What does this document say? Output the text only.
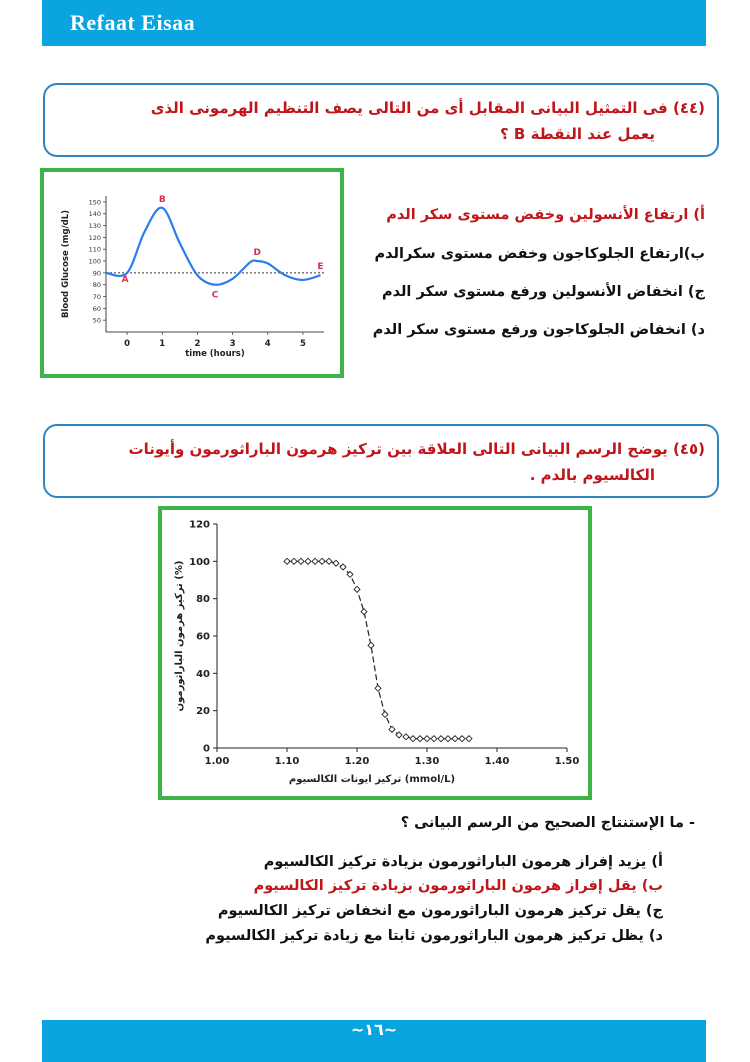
Refaat Eisaa
(٤٤) فى التمثيل البيانى المقابل أى من التالى يصف التنظيم الهرمونى الذى
يعمل عند النقطة B ؟
150
140
130
120
110
100
90
80
70
60
50
0	1	2	3	4	5
time (hours)
Blood Glucose (mg/dL)	A
B
C
D
E
أ) ارتفاع الأنسولين وخفض مستوى سكر الدم
ب)ارتفاع الجلوكاجون وخفض مستوى سكرالدم
ج) انخفاض الأنسولين ورفع مستوى سكر الدم
د) انخفاض الجلوكاجون ورفع مستوى سكر الدم
(٤٥) يوضح الرسم البيانى التالى العلاقة بين تركيز هرمون الباراثورمون وأيونات
الكالسيوم بالدم .
0
20
40
60
80
100
120
1.00	1.10	1.20	1.30	1.40	1.50
تركيز ايونات الكالسيوم (mmol/L)
تركيز هرمون الباراثورمون (%)
- ما الإستنتاج الصحيح من الرسم البيانى ؟
أ) يزيد إفراز هرمون الباراثورمون بزيادة تركيز الكالسيوم
ب) يقل إفراز هرمون الباراثورمون بزيادة تركيز الكالسيوم
ج) يقل تركيز هرمون الباراثورمون مع انخفاض تركيز الكالسيوم
د) يظل تركيز هرمون الباراثورمون ثابتا مع زيادة تركيز الكالسيوم
~١٦~
